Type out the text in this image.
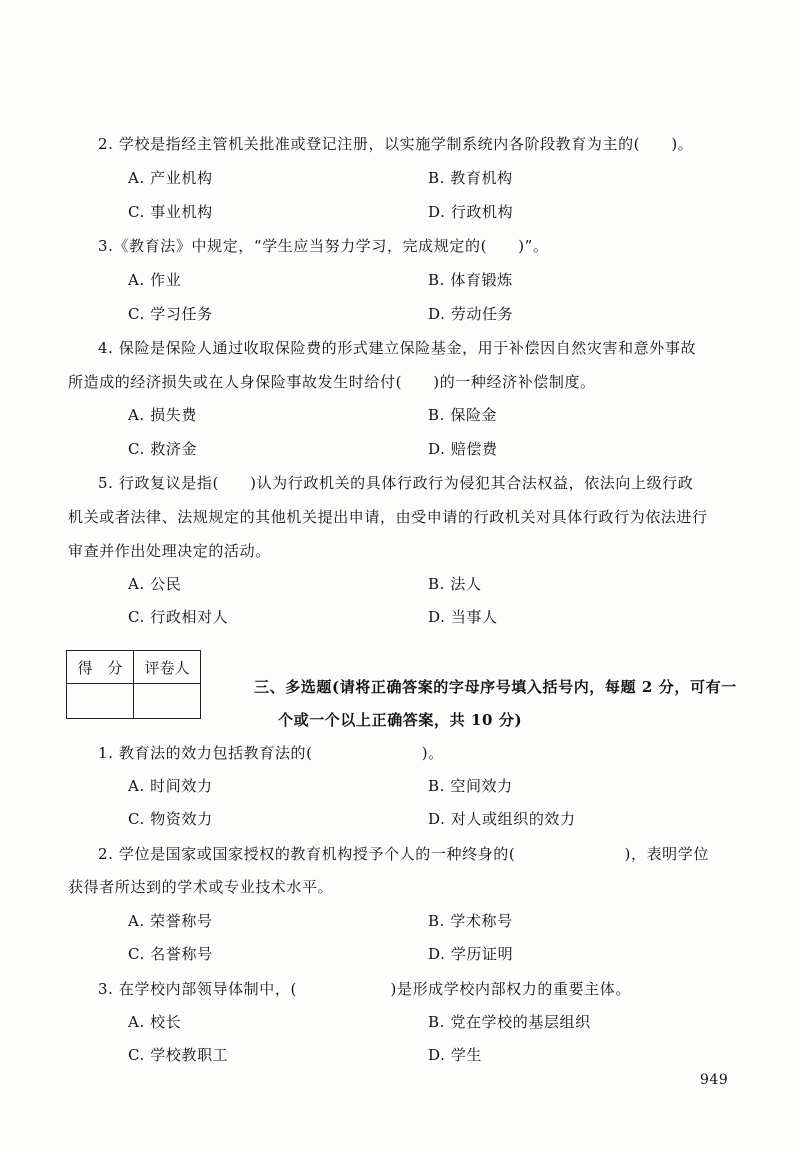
2. 学校是指经主管机关批准或登记注册，以实施学制系统内各阶段教育为主的(　　)。
A. 产业机构	B. 教育机构
C. 事业机构	D. 行政机构
3.《教育法》中规定，“学生应当努力学习，完成规定的(　　)”。
A. 作业	B. 体育锻炼
C. 学习任务	D. 劳动任务
4. 保险是保险人通过收取保险费的形式建立保险基金，用于补偿因自然灾害和意外事故
所造成的经济损失或在人身保险事故发生时给付(　　)的一种经济补偿制度。
A. 损失费	B. 保险金
C. 救济金	D. 赔偿费
5. 行政复议是指(　　)认为行政机关的具体行政行为侵犯其合法权益，依法向上级行政
机关或者法律、法规规定的其他机关提出申请，由受申请的行政机关对具体行政行为依法进行
审查并作出处理决定的活动。
A. 公民	B. 法人
C. 行政相对人	D. 当事人
得　分	评卷人

三、多选题(请将正确答案的字母序号填入括号内，每题 2 分，可有一
个或一个以上正确答案，共 10 分)
1. 教育法的效力包括教育法的(　　　　　　　)。
A. 时间效力	B. 空间效力
C. 物资效力	D. 对人或组织的效力
2. 学位是国家或国家授权的教育机构授予个人的一种终身的(　　　　　　　)，表明学位
获得者所达到的学术或专业技术水平。
A. 荣誉称号	B. 学术称号
C. 名誉称号	D. 学历证明
3. 在学校内部领导体制中，(　　　　　　)是形成学校内部权力的重要主体。
A. 校长	B. 党在学校的基层组织
C. 学校教职工	D. 学生
949
